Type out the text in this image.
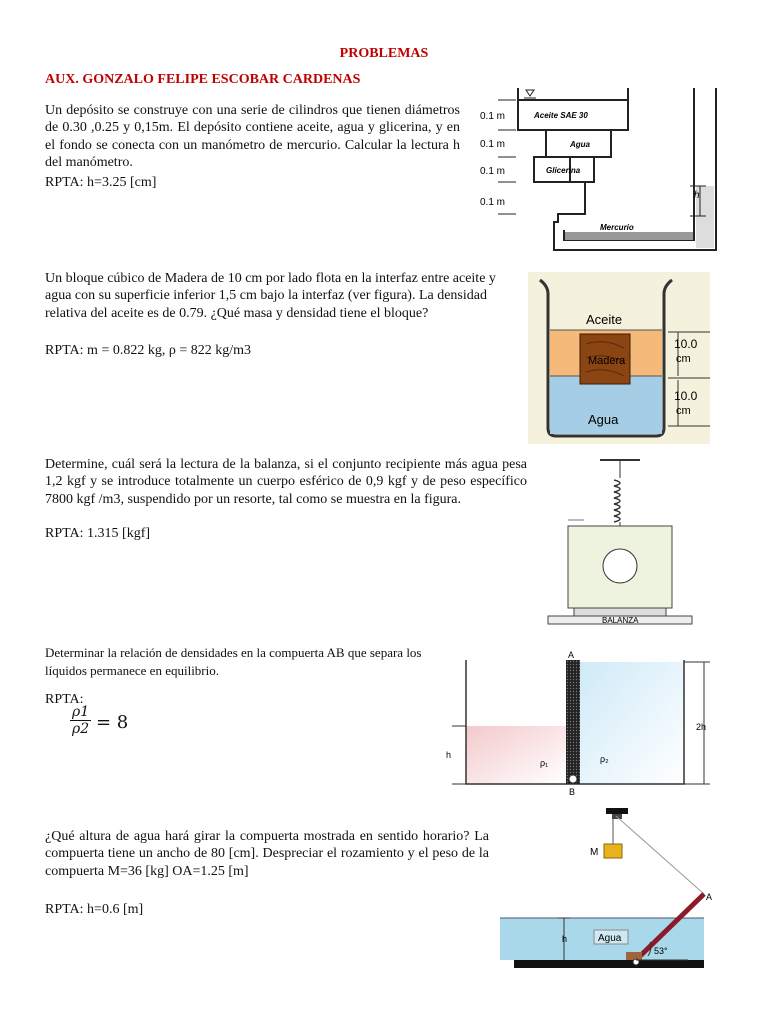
PROBLEMAS
AUX. GONZALO FELIPE ESCOBAR CARDENAS
Un depósito se construye con una serie de cilindros que tienen diámetros de 0.30 ,0.25 y 0,15m. El depósito contiene aceite, agua y glicerina, y en el fondo se conecta con un manómetro de mercurio. Calcular la lectura h del manómetro.
RPTA: h=3.25 [cm]
0.1 m
0.1 m
0.1 m
0.1 m
Aceite SAE 30
Agua
Glicerina
Mercurio
h
Un bloque cúbico de Madera de 10 cm por lado flota en la interfaz entre aceite y agua con su superficie inferior 1,5 cm bajo la interfaz (ver figura). La densidad relativa del aceite es de 0.79. ¿Qué masa y densidad tiene el bloque?
RPTA: m = 0.822 kg, ρ = 822 kg/m3
Aceite
Madera
Agua
10.0
cm
10.0
cm
Determine, cuál será la lectura de la balanza, si el conjunto recipiente más agua pesa 1,2 kgf y se introduce totalmente un cuerpo esférico de 0,9 kgf y de peso específico 7800 kgf /m3, suspendido por un resorte, tal como se muestra en la figura.
RPTA: 1.315 [kgf]
BALANZA
Determinar la relación de densidades en la compuerta AB que separa los líquidos permanece en equilibrio.
RPTA:
$\frac{\rho 1}{\rho 2} = 8$
A
B
h
2h
ρ₁	ρ₂
¿Qué altura de agua hará girar la compuerta mostrada en sentido horario? La compuerta tiene un ancho de 80 [cm]. Despreciar el rozamiento y el peso de la compuerta M=36 [kg] OA=1.25 [m]
RPTA: h=0.6 [m]
M
A
O
h	Agua
53°
